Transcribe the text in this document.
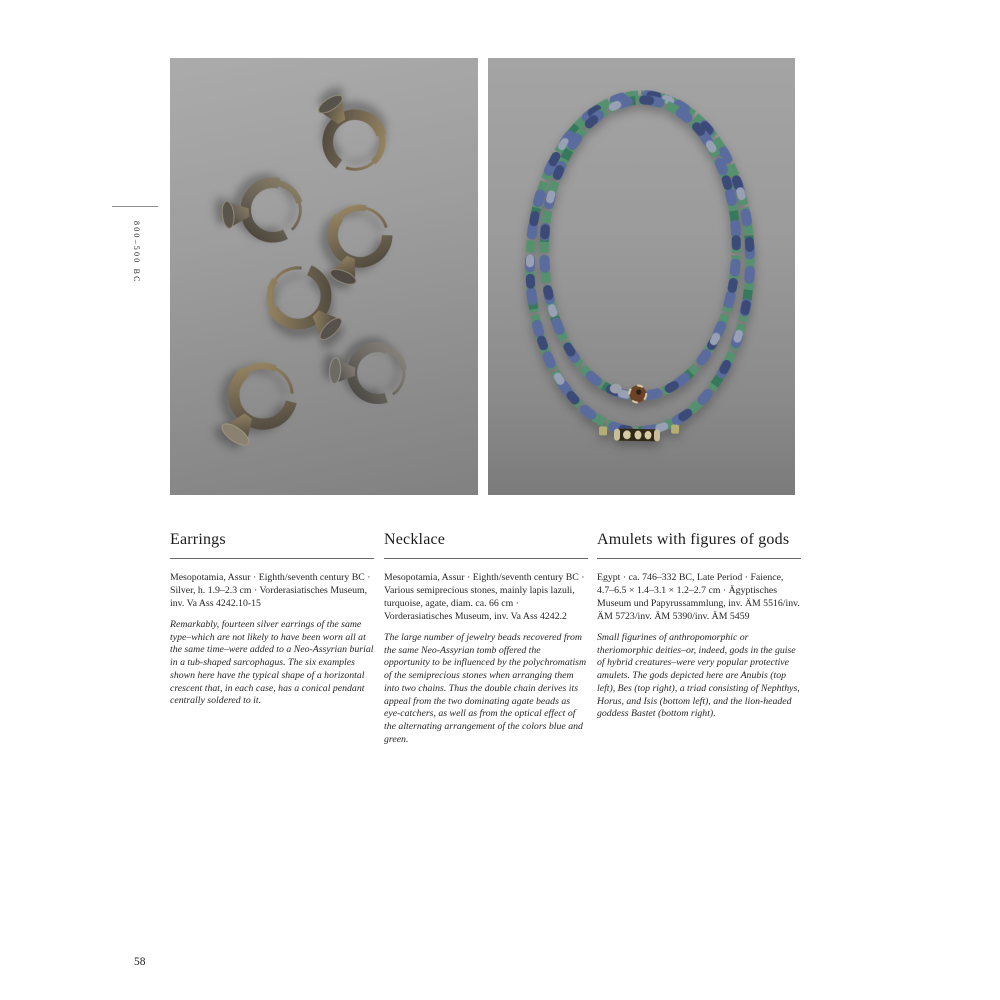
800–500 BC
Earrings

Mesopotamia, Assur · Eighth/seventh century BC · Silver, h. 1.9–2.3 cm · Vorderasiatisches Museum, inv. Va Ass 4242.10-15

Remarkably, fourteen silver earrings of the same type–which are not likely to have been worn all at the same time–were added to a Neo-Assyrian burial in a tub-shaped sarcophagus. The six examples shown here have the typical shape of a horizontal crescent that, in each case, has a conical pendant centrally soldered to it.

Necklace

Mesopotamia, Assur · Eighth/seventh century BC · Various semiprecious stones, mainly lapis lazuli, turquoise, agate, diam. ca. 66 cm · Vorderasiatisches Museum, inv. Va Ass 4242.2

The large number of jewelry beads recovered from the same Neo-Assyrian tomb offered the opportunity to be influenced by the polychromatism of the semiprecious stones when arranging them into two chains. Thus the double chain derives its appeal from the two dominating agate beads as eye-catchers, as well as from the optical effect of the alternating arrangement of the colors blue and green.

Amulets with figures of gods

Egypt · ca. 746–332 BC, Late Period · Faience, 4.7–6.5 × 1.4–3.1 × 1.2–2.7 cm · Ägyptisches Museum und Papyrussammlung, inv. ÄM 5516/inv. ÄM 5723/inv. ÄM 5390/inv. ÄM 5459

Small figurines of anthropomorphic or theriomorphic deities–or, indeed, gods in the guise of hybrid creatures–were very popular protective amulets. The gods depicted here are Anubis (top left), Bes (top right), a triad consisting of Nephthys, Horus, and Isis (bottom left), and the lion-headed goddess Bastet (bottom right).

58
